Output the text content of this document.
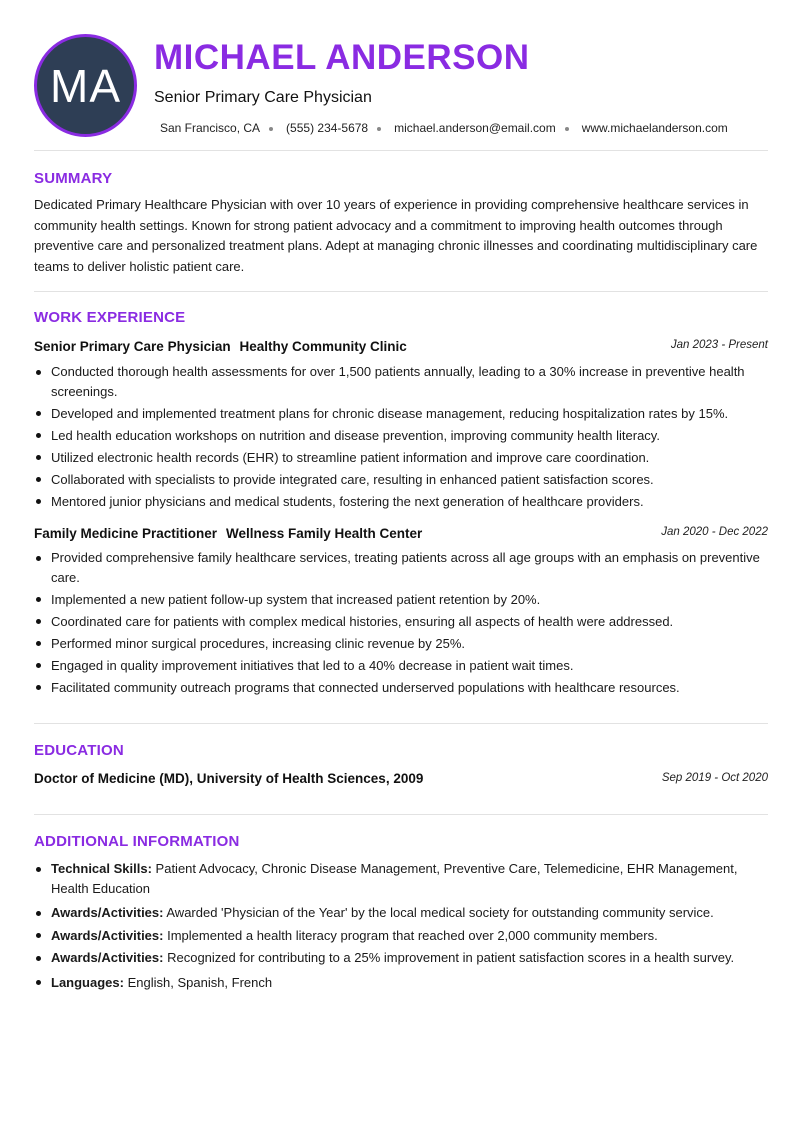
MA
MICHAEL ANDERSON
Senior Primary Care Physician
San Francisco, CA (555) 234-5678 michael.anderson@email.com www.michaelanderson.com
SUMMARY

Dedicated Primary Healthcare Physician with over 10 years of experience in providing comprehensive healthcare services in community health settings. Known for strong patient advocacy and a commitment to improving health outcomes through preventive care and personalized treatment plans. Adept at managing chronic illnesses and coordinating multidisciplinary care teams to deliver holistic patient care.

WORK EXPERIENCE
Senior Primary Care Physician Healthy Community Clinic	Jan 2023 - Present
Conducted thorough health assessments for over 1,500 patients annually, leading to a 30% increase in preventive health screenings.
Developed and implemented treatment plans for chronic disease management, reducing hospitalization rates by 15%.
Led health education workshops on nutrition and disease prevention, improving community health literacy.
Utilized electronic health records (EHR) to streamline patient information and improve care coordination.
Collaborated with specialists to provide integrated care, resulting in enhanced patient satisfaction scores.
Mentored junior physicians and medical students, fostering the next generation of healthcare providers.
Family Medicine Practitioner Wellness Family Health Center	Jan 2020 - Dec 2022
Provided comprehensive family healthcare services, treating patients across all age groups with an emphasis on preventive care.
Implemented a new patient follow-up system that increased patient retention by 20%.
Coordinated care for patients with complex medical histories, ensuring all aspects of health were addressed.
Performed minor surgical procedures, increasing clinic revenue by 25%.
Engaged in quality improvement initiatives that led to a 40% decrease in patient wait times.
Facilitated community outreach programs that connected underserved populations with healthcare resources.
EDUCATION
Doctor of Medicine (MD), University of Health Sciences, 2009	Sep 2019 - Oct 2020
ADDITIONAL INFORMATION
Technical Skills: Patient Advocacy, Chronic Disease Management, Preventive Care, Telemedicine, EHR Management, Health Education
Awards/Activities: Awarded 'Physician of the Year' by the local medical society for outstanding community service.
Awards/Activities: Implemented a health literacy program that reached over 2,000 community members.
Awards/Activities: Recognized for contributing to a 25% improvement in patient satisfaction scores in a health survey.
Languages: English, Spanish, French
